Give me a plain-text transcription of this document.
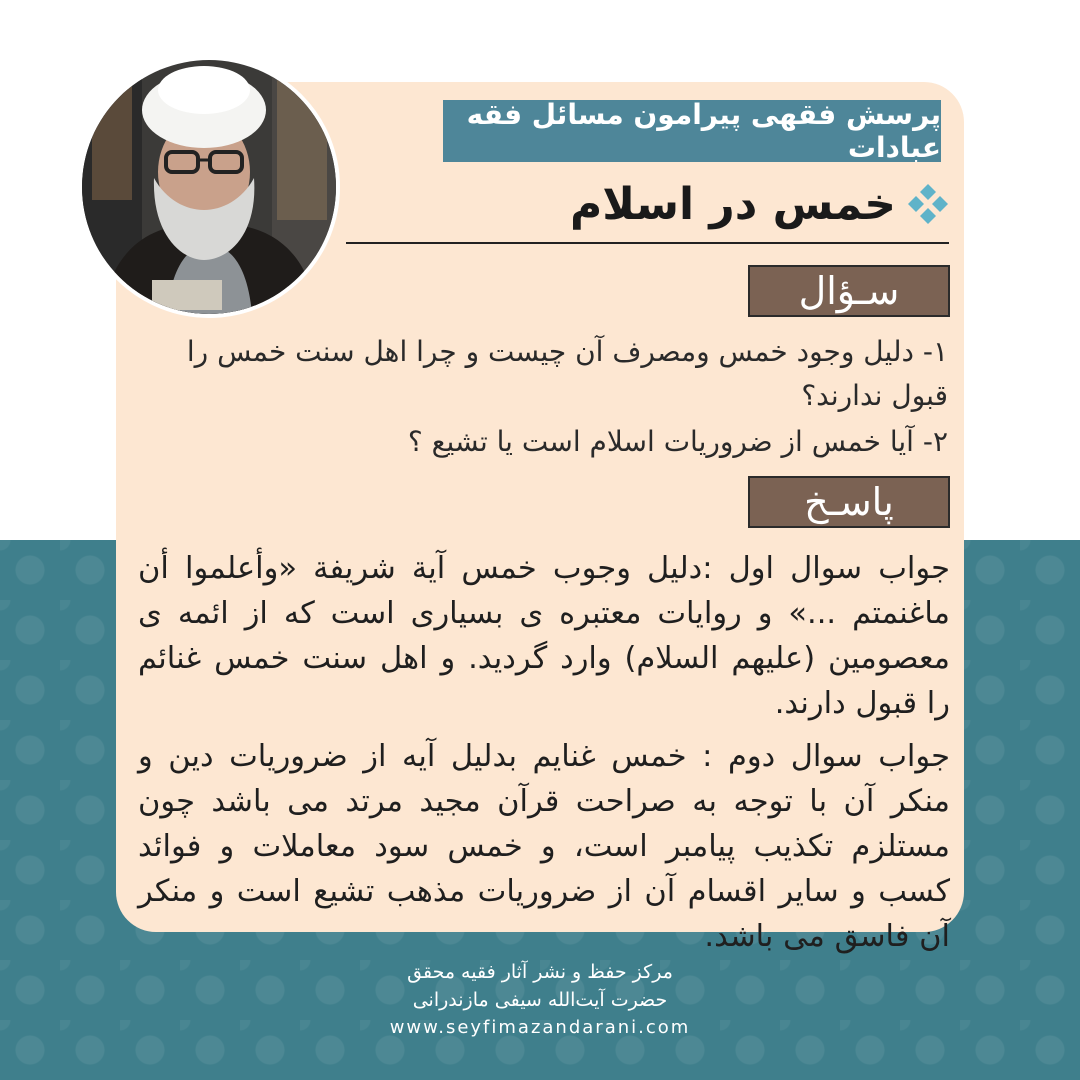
پرسش فقهی پیرامون مسائل فقه عبادات
خمس در اسلام
سـؤال
۱- دلیل وجود خمس ومصرف آن چیست و چرا اهل سنت خمس را قبول ندارند؟
۲- آیا خمس از ضروریات اسلام است یا تشیع ؟
پاسـخ
جواب سوال اول :دلیل وجوب خمس آیة شریفة «وأعلموا أن ماغنمتم ...» و روایات معتبره ی بسیاری است که از ائمه ی معصومین (علیهم السلام) وارد گردید. و اهل سنت خمس غنائم را قبول دارند.
جواب سوال دوم : خمس غنایم بدلیل آیه از ضروریات دین و منکر آن با توجه به صراحت قرآن مجید مرتد می باشد چون مستلزم تکذیب پیامبر است، و خمس سود معاملات و فوائد کسب و سایر اقسام آن از ضروریات مذهب تشیع است و منکر آن فاسق می باشد.
مرکز حفظ و نشر آثار فقیه محقق
حضرت آیت‌الله سیفی مازندرانی
www.seyfimazandarani.com
